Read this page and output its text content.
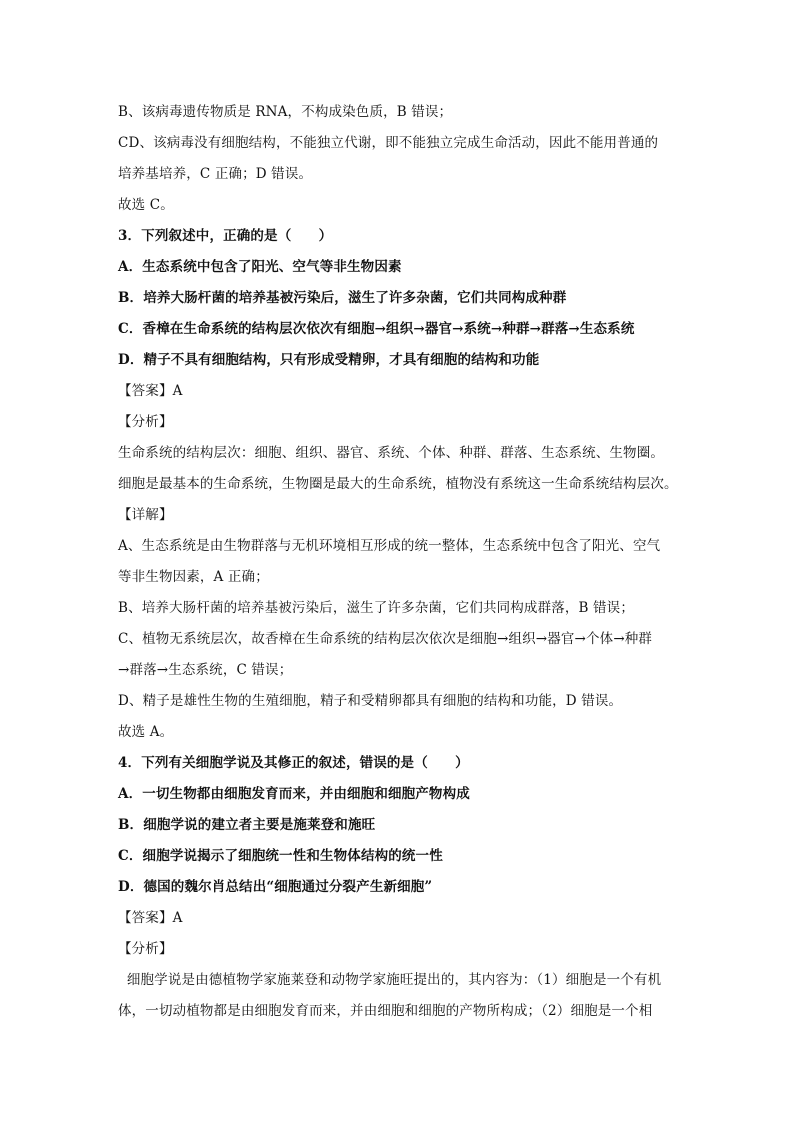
B、该病毒遗传物质是 RNA，不构成染色质，B 错误；
CD、该病毒没有细胞结构，不能独立代谢，即不能独立完成生命活动，因此不能用普通的
培养基培养，C 正确；D 错误。
故选 C。
3．下列叙述中，正确的是（　　）
A．生态系统中包含了阳光、空气等非生物因素
B．培养大肠杆菌的培养基被污染后，滋生了许多杂菌，它们共同构成种群
C．香樟在生命系统的结构层次依次有细胞→组织→器官→系统→种群→群落→生态系统
D．精子不具有细胞结构，只有形成受精卵，才具有细胞的结构和功能
【答案】A
【分析】
生命系统的结构层次：细胞、组织、器官、系统、个体、种群、群落、生态系统、生物圈。
细胞是最基本的生命系统，生物圈是最大的生命系统，植物没有系统这一生命系统结构层次。
【详解】
A、生态系统是由生物群落与无机环境相互形成的统一整体，生态系统中包含了阳光、空气
等非生物因素，A 正确；
B、培养大肠杆菌的培养基被污染后，滋生了许多杂菌，它们共同构成群落，B 错误；
C、植物无系统层次，故香樟在生命系统的结构层次依次是细胞→组织→器官→个体→种群
→群落→生态系统，C 错误；
D、精子是雄性生物的生殖细胞，精子和受精卵都具有细胞的结构和功能，D 错误。
故选 A。
4．下列有关细胞学说及其修正的叙述，错误的是（　　）
A．一切生物都由细胞发育而来，并由细胞和细胞产物构成
B．细胞学说的建立者主要是施莱登和施旺
C．细胞学说揭示了细胞统一性和生物体结构的统一性
D．德国的魏尔肖总结出“细胞通过分裂产生新细胞”
【答案】A
【分析】
细胞学说是由德植物学家施莱登和动物学家施旺提出的，其内容为：（1）细胞是一个有机
体，一切动植物都是由细胞发育而来，并由细胞和细胞的产物所构成；（2）细胞是一个相
